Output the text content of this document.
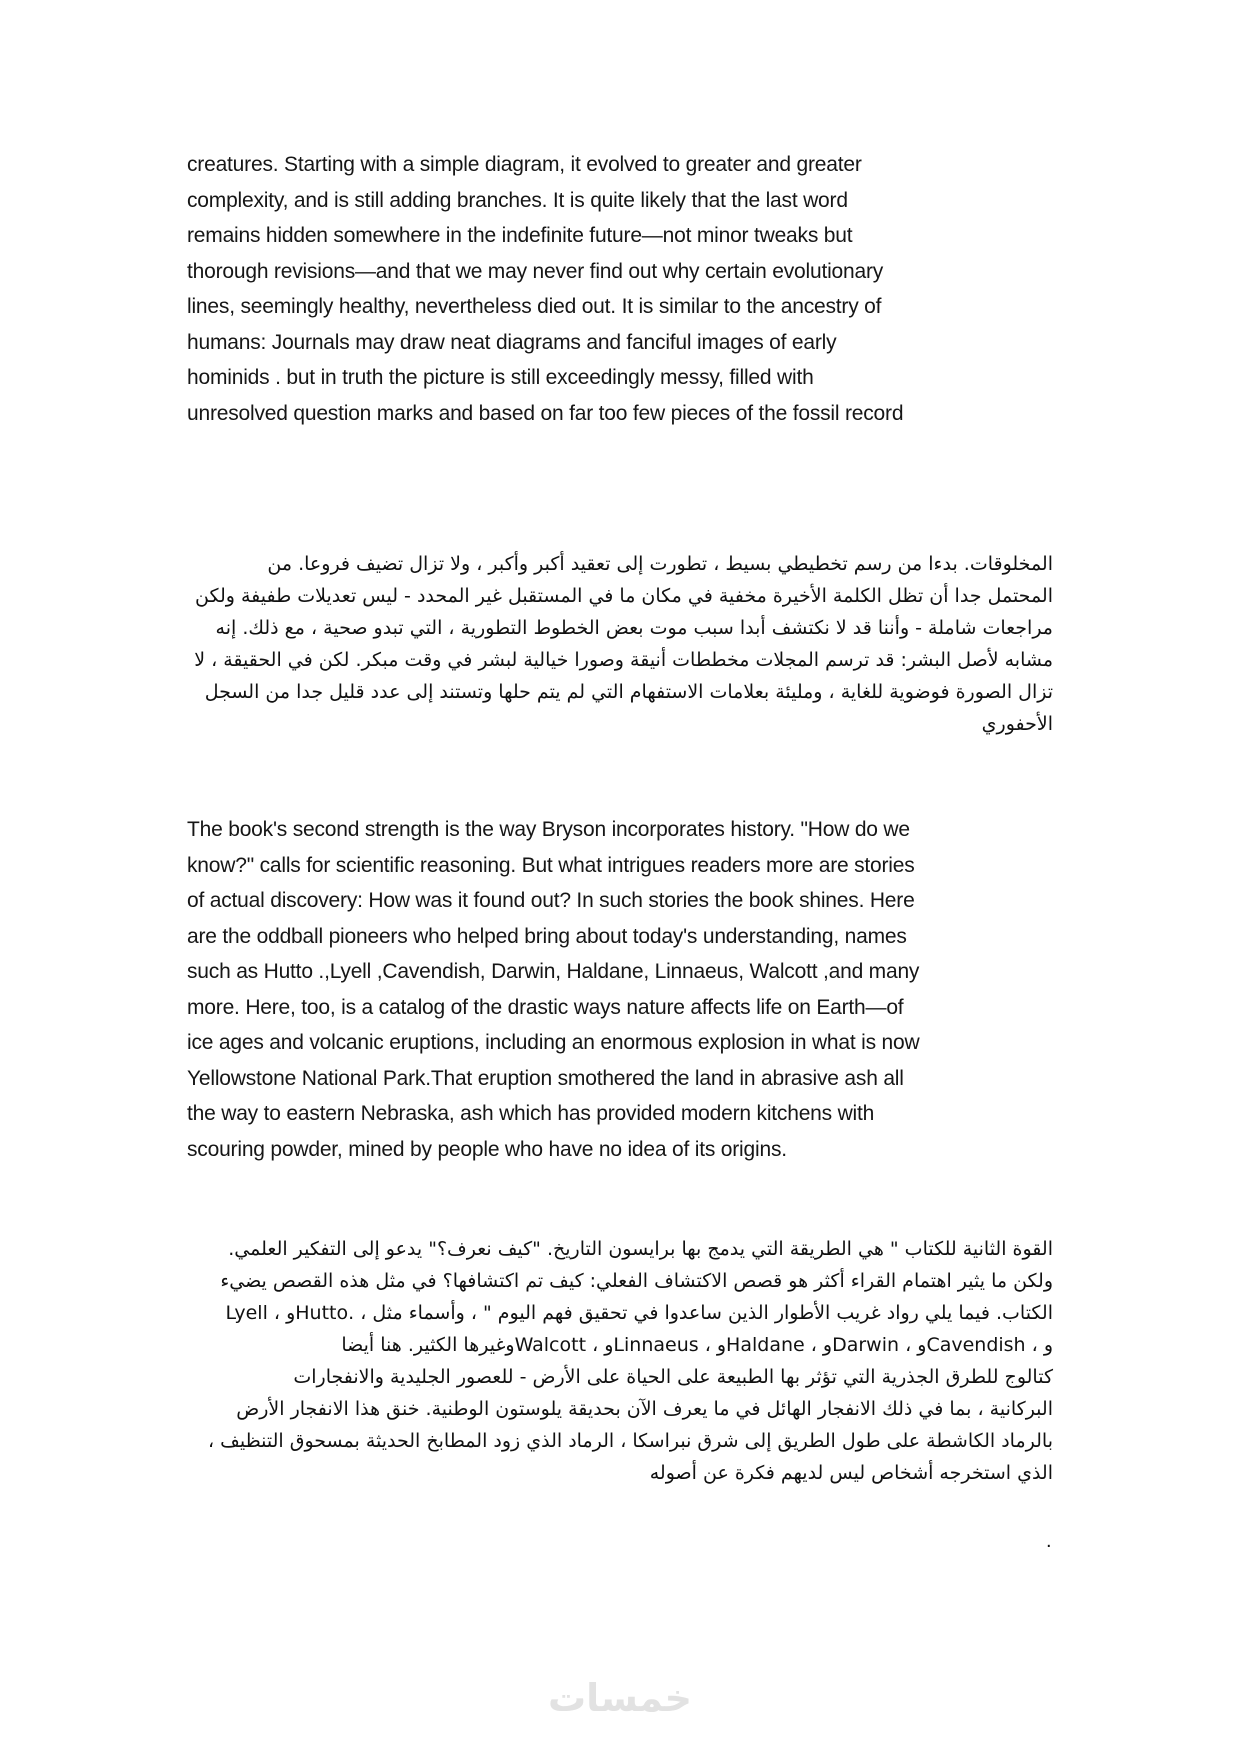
creatures. Starting with a simple diagram, it evolved to greater and greater
complexity, and is still adding branches. It is quite likely that the last word
remains hidden somewhere in the indefinite future—not minor tweaks but
thorough revisions—and that we may never find out why certain evolutionary
lines, seemingly healthy, nevertheless died out. It is similar to the ancestry of
humans: Journals may draw neat diagrams and fanciful images of early
hominids . but in truth the picture is still exceedingly messy, filled with
unresolved question marks and based on far too few pieces of the fossil record
المخلوقات. بدءا من رسم تخطيطي بسيط ، تطورت إلى تعقيد أكبر وأكبر ، ولا تزال تضيف فروعا. من
المحتمل جدا أن تظل الكلمة الأخيرة مخفية في مكان ما في المستقبل غير المحدد - ليس تعديلات طفيفة ولكن
مراجعات شاملة - وأننا قد لا نكتشف أبدا سبب موت بعض الخطوط التطورية ، التي تبدو صحية ، مع ذلك. إنه
مشابه لأصل البشر: قد ترسم المجلات مخططات أنيقة وصورا خيالية لبشر في وقت مبكر. لكن في الحقيقة ، لا
تزال الصورة فوضوية للغاية ، ومليئة بعلامات الاستفهام التي لم يتم حلها وتستند إلى عدد قليل جدا من السجل
الأحفوري
The book's second strength is the way Bryson incorporates history. "How do we
know?" calls for scientific reasoning. But what intrigues readers more are stories
of actual discovery: How was it found out? In such stories the book shines. Here
are the oddball pioneers who helped bring about today's understanding, names
such as Hutto .,Lyell ,Cavendish, Darwin, Haldane, Linnaeus, Walcott ,and many
more. Here, too, is a catalog of the drastic ways nature affects life on Earth—of
ice ages and volcanic eruptions, including an enormous explosion in what is now
Yellowstone National Park.That eruption smothered the land in abrasive ash all
the way to eastern Nebraska, ash which has provided modern kitchens with
scouring powder, mined by people who have no idea of its origins.
القوة الثانية للكتاب " هي الطريقة التي يدمج بها برايسون التاريخ. "كيف نعرف؟" يدعو إلى التفكير العلمي.
ولكن ما يثير اهتمام القراء أكثر هو قصص الاكتشاف الفعلي: كيف تم اكتشافها؟ في مثل هذه القصص يضيء
الكتاب. فيما يلي رواد غريب الأطوار الذين ساعدوا في تحقيق فهم اليوم " ، وأسماء مثل ، .Huttoو ، Lyell
و ، Cavendishو ، Darwinو ، Haldaneو ، Linnaeusو ، Walcottوغيرها الكثير. هنا أيضا
كتالوج للطرق الجذرية التي تؤثر بها الطبيعة على الحياة على الأرض - للعصور الجليدية والانفجارات
البركانية ، بما في ذلك الانفجار الهائل في ما يعرف الآن بحديقة يلوستون الوطنية. خنق هذا الانفجار الأرض
بالرماد الكاشطة على طول الطريق إلى شرق نبراسكا ، الرماد الذي زود المطابخ الحديثة بمسحوق التنظيف ،
الذي استخرجه أشخاص ليس لديهم فكرة عن أصوله
.
خمسات
